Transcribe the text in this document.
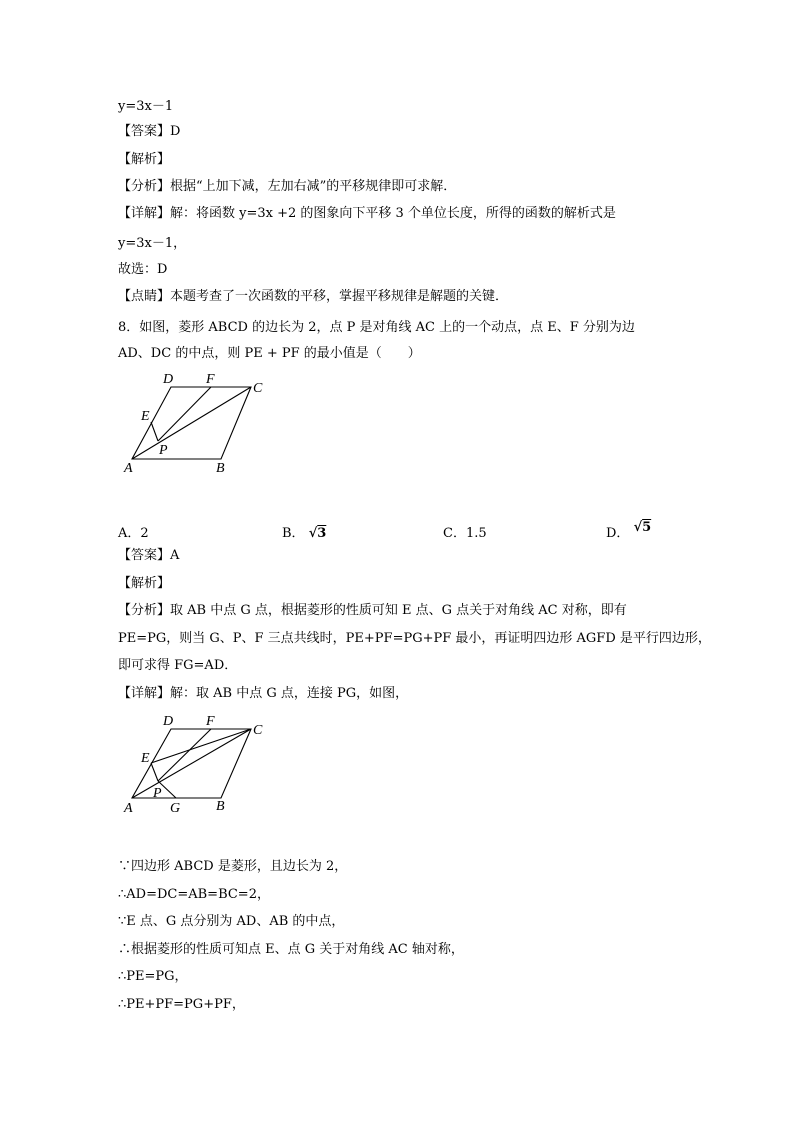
y=3x－1
【答案】D
【解析】
【分析】根据“上加下减，左加右减”的平移规律即可求解．
【详解】解：将函数 y=3x +2 的图象向下平移 3 个单位长度，所得的函数的解析式是
y=3x－1，
故选：D
【点睛】本题考查了一次函数的平移，掌握平移规律是解题的关键．
8．如图，菱形 ABCD 的边长为 2，点 P 是对角线 AC 上的一个动点，点 E、F 分别为边
AD、DC 的中点，则 PE + PF 的最小值是（　　）
D F
C
E
P
A	B
A．2	B． √3	C．1.5	D． √5
【答案】A
【解析】
【分析】取 AB 中点 G 点，根据菱形的性质可知 E 点、G 点关于对角线 AC 对称，即有
PE=PG，则当 G、P、F 三点共线时，PE+PF=PG+PF 最小，再证明四边形 AGFD 是平行四边形，
即可求得 FG=AD．
【详解】解：取 AB 中点 G 点，连接 PG，如图，
D F
C
E
P
A	G	B
∵四边形 ABCD 是菱形，且边长为 2，
∴AD=DC=AB=BC=2，
∵E 点、G 点分别为 AD、AB 的中点，
∴根据菱形的性质可知点 E、点 G 关于对角线 AC 轴对称，
∴PE=PG，
∴PE+PF=PG+PF，
